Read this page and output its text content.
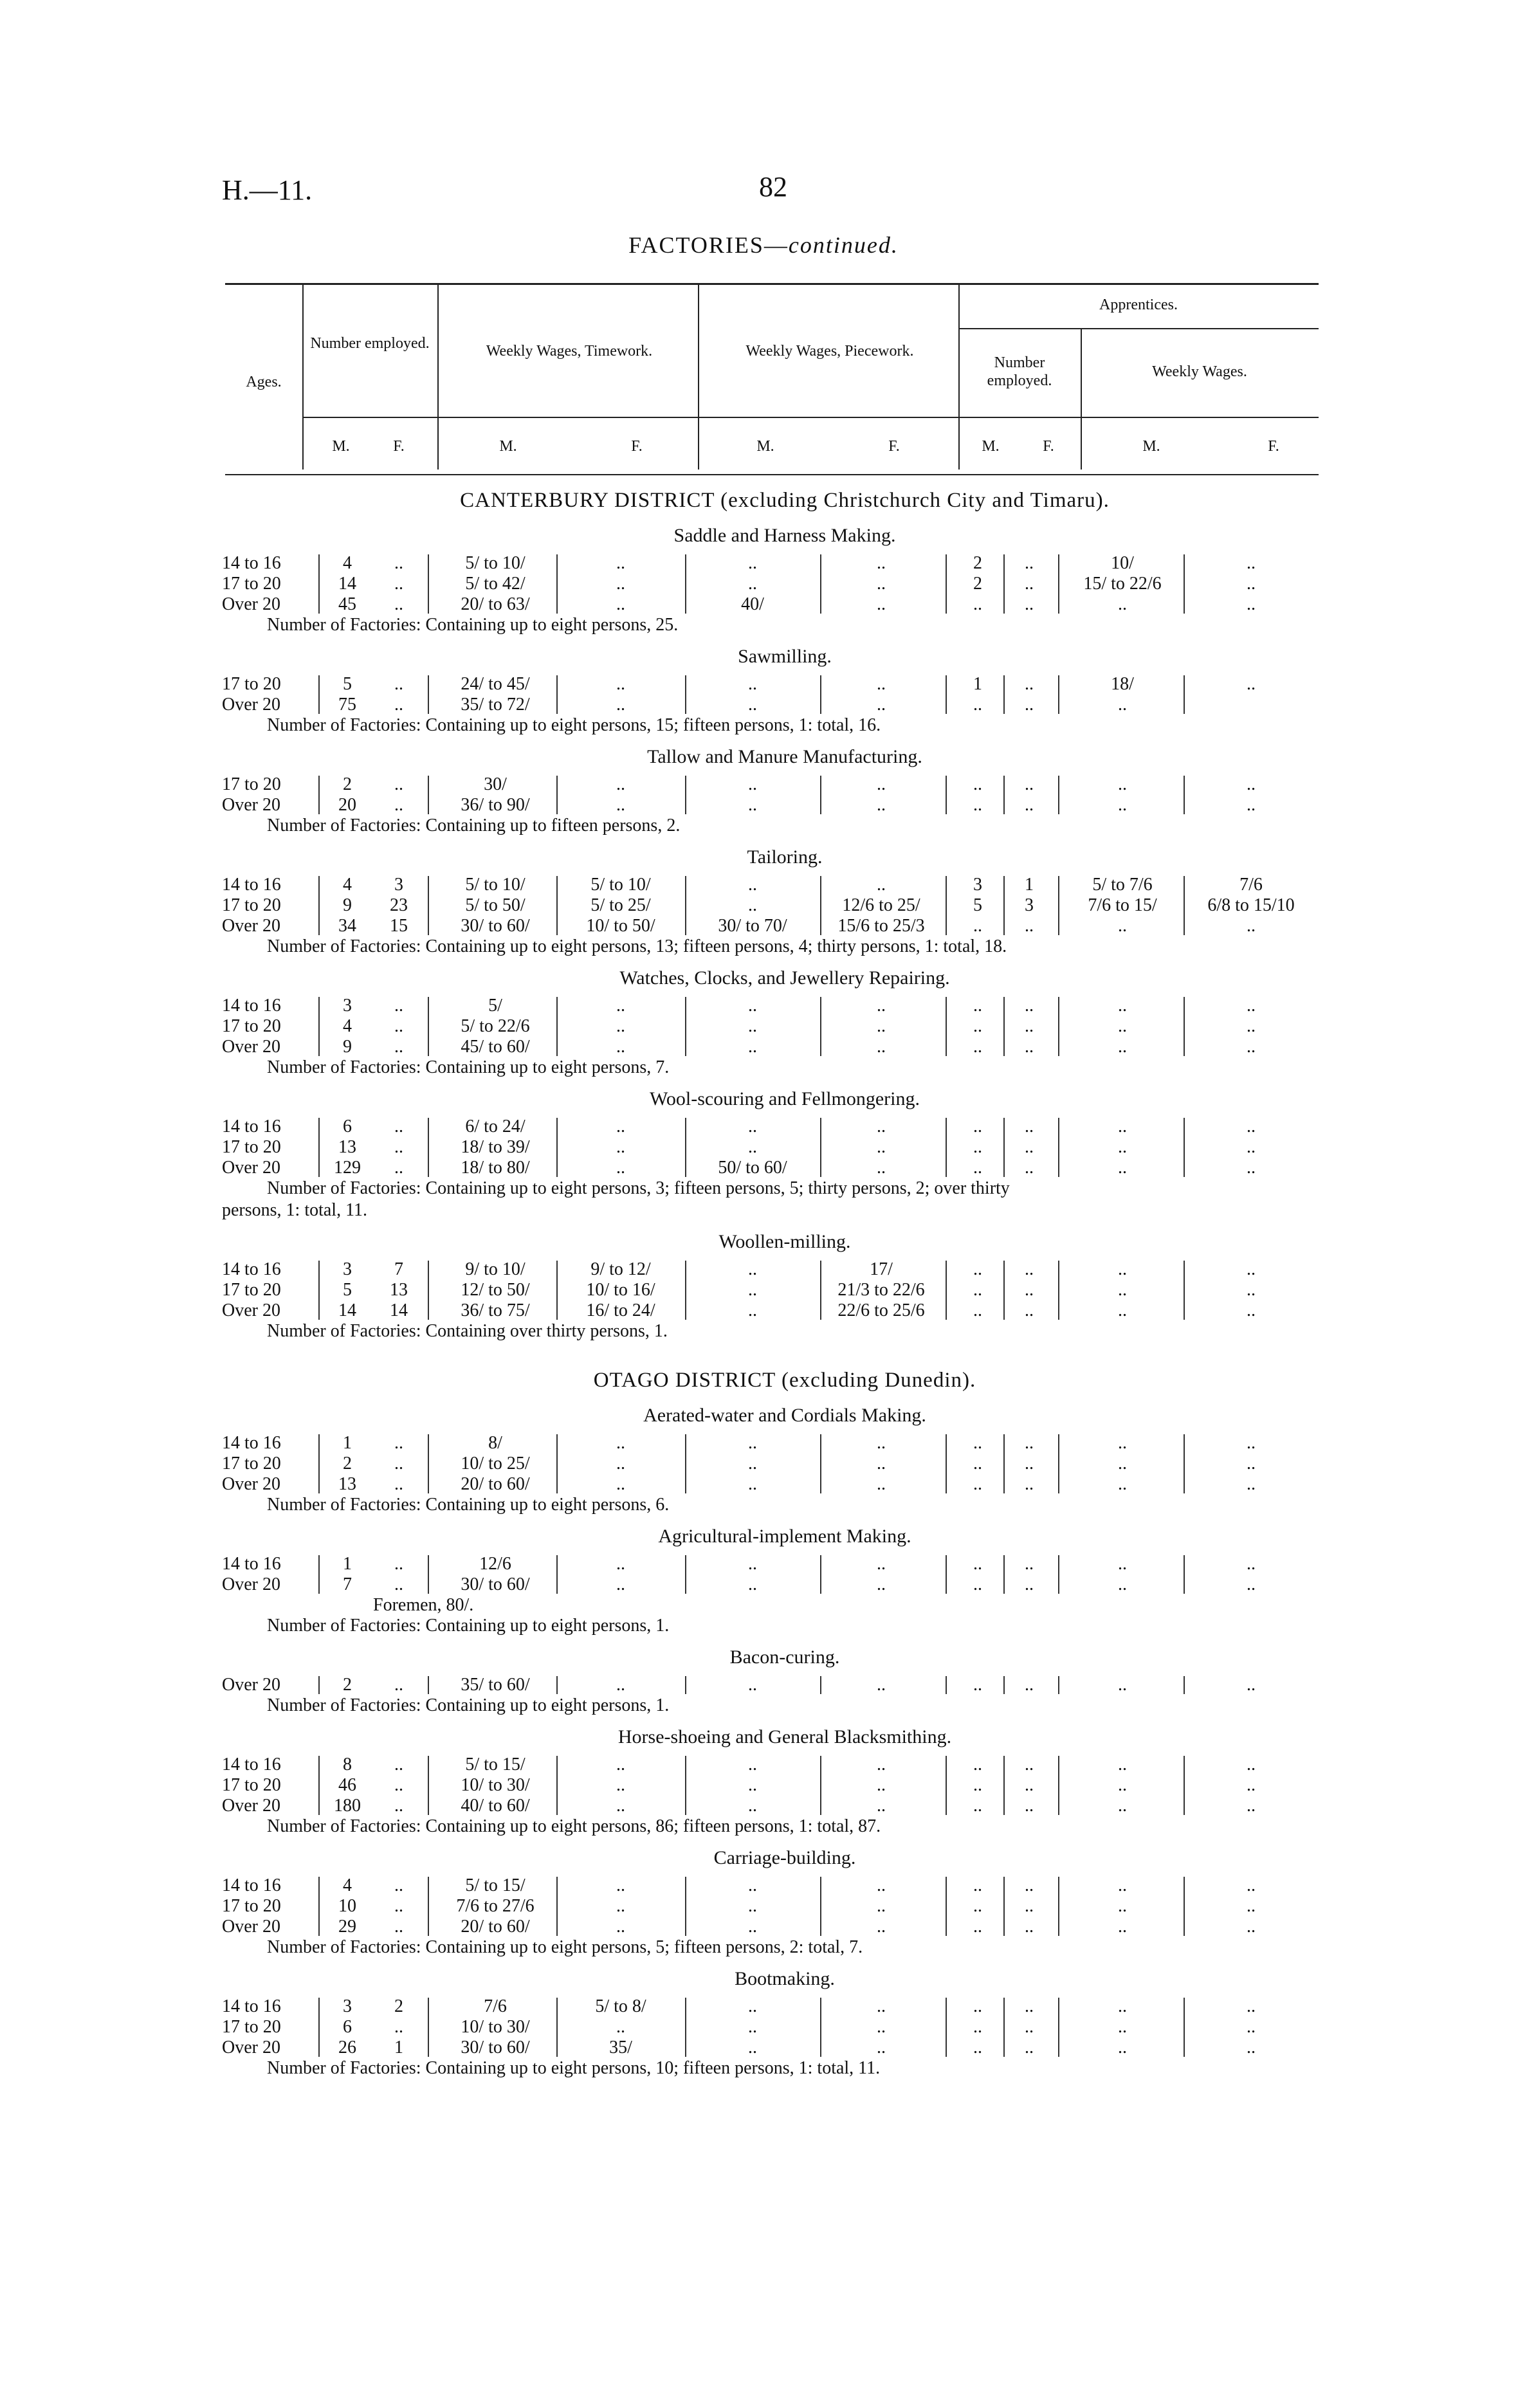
H.—11.	82
FACTORIES—continued.
Ages.
Number employed.	Weekly Wages, Timework.	Weekly Wages, Piecework.
Apprentices.
Number employed.
Weekly Wages.
M.	F.	M.	F.	M.	F.	M.	F.	M.	F.
CANTERBURY DISTRICT (excluding Christchurch City and Timaru).
Saddle and Harness Making.
14 to 16	4	..	5/ to 10/	..	..	..	2	..	10/	..
17 to 20	14	..	5/ to 42/	..	..	..	2	..	15/ to 22/6	..
Over 20	45	..	20/ to 63/	..	40/	..	..	..	..	..
Number of Factories: Containing up to eight persons, 25.
Sawmilling.
17 to 20	5	..	24/ to 45/	..	..	..	1	..	18/	..
Over 20	75	..	35/ to 72/	..	..	..	..	..	..
Number of Factories: Containing up to eight persons, 15; fifteen persons, 1: total, 16.
Tallow and Manure Manufacturing.
17 to 20	2	..	30/	..	..	..	..	..	..	..
Over 20	20	..	36/ to 90/	..	..	..	..	..	..	..
Number of Factories: Containing up to fifteen persons, 2.
Tailoring.
14 to 16	4	3	5/ to 10/	5/ to 10/	..	..	3	1	5/ to 7/6	7/6
17 to 20	9	23	5/ to 50/	5/ to 25/	..	12/6 to 25/	5	3	7/6 to 15/	6/8 to 15/10
Over 20	34	15	30/ to 60/	10/ to 50/	30/ to 70/	15/6 to 25/3	..	..	..	..
Number of Factories: Containing up to eight persons, 13; fifteen persons, 4; thirty persons, 1: total, 18.
Watches, Clocks, and Jewellery Repairing.
14 to 16	3	..	5/	..	..	..	..	..	..	..
17 to 20	4	..	5/ to 22/6	..	..	..	..	..	..	..
Over 20	9	..	45/ to 60/	..	..	..	..	..	..	..
Number of Factories: Containing up to eight persons, 7.
Wool-scouring and Fellmongering.
14 to 16	6	..	6/ to 24/	..	..	..	..	..	..	..
17 to 20	13	..	18/ to 39/	..	..	..	..	..	..	..
Over 20	129	..	18/ to 80/	..	50/ to 60/	..	..	..	..	..
Number of Factories: Containing up to eight persons, 3; fifteen persons, 5; thirty persons, 2; over thirty
persons, 1: total, 11.
Woollen-milling.
14 to 16	3	7	9/ to 10/	9/ to 12/	..	17/	..	..	..	..
17 to 20	5	13	12/ to 50/	10/ to 16/	..	21/3 to 22/6	..	..	..	..
Over 20	14	14	36/ to 75/	16/ to 24/	..	22/6 to 25/6	..	..	..	..
Number of Factories: Containing over thirty persons, 1.
OTAGO DISTRICT (excluding Dunedin).
Aerated-water and Cordials Making.
14 to 16	1	..	8/	..	..	..	..	..	..	..
17 to 20	2	..	10/ to 25/	..	..	..	..	..	..	..
Over 20	13	..	20/ to 60/	..	..	..	..	..	..	..
Number of Factories: Containing up to eight persons, 6.
Agricultural-implement Making.
14 to 16	1	..	12/6	..	..	..	..	..	..	..
Over 20	7	..	30/ to 60/	..	..	..	..	..	..	..
Foremen, 80/.
Number of Factories: Containing up to eight persons, 1.
Bacon-curing.
Over 20	2	..	35/ to 60/	..	..	..	..	..	..	..
Number of Factories: Containing up to eight persons, 1.
Horse-shoeing and General Blacksmithing.
14 to 16	8	..	5/ to 15/	..	..	..	..	..	..	..
17 to 20	46	..	10/ to 30/	..	..	..	..	..	..	..
Over 20	180	..	40/ to 60/	..	..	..	..	..	..	..
Number of Factories: Containing up to eight persons, 86; fifteen persons, 1: total, 87.
Carriage-building.
14 to 16	4	..	5/ to 15/	..	..	..	..	..	..	..
17 to 20	10	..	7/6 to 27/6	..	..	..	..	..	..	..
Over 20	29	..	20/ to 60/	..	..	..	..	..	..	..
Number of Factories: Containing up to eight persons, 5; fifteen persons, 2: total, 7.
Bootmaking.
14 to 16	3	2	7/6	5/ to 8/	..	..	..	..	..	..
17 to 20	6	..	10/ to 30/	..	..	..	..	..	..	..
Over 20	26	1	30/ to 60/	35/	..	..	..	..	..	..
Number of Factories: Containing up to eight persons, 10; fifteen persons, 1: total, 11.
